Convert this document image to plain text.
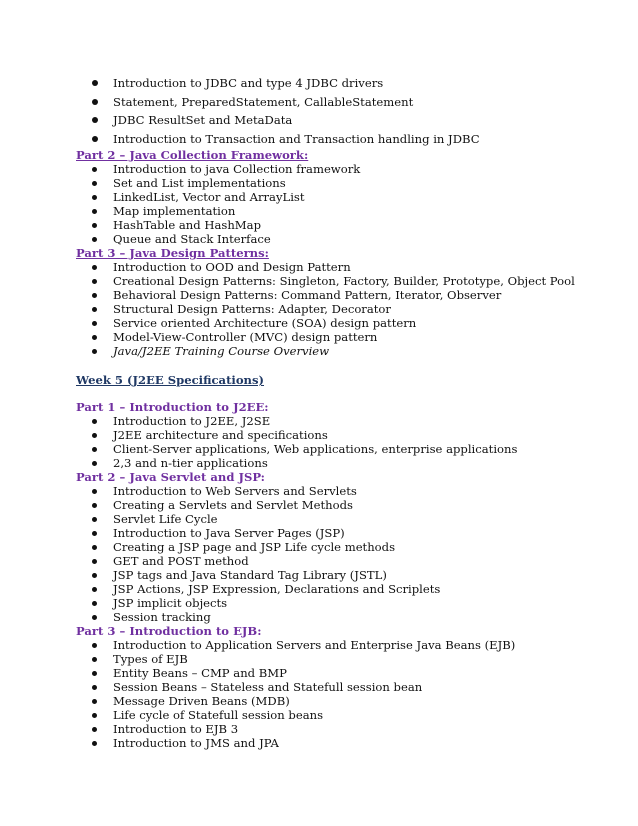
Introduction to JDBC and type 4 JDBC drivers
Statement, PreparedStatement, CallableStatement
JDBC ResultSet and MetaData
Introduction to Transaction and Transaction handling in JDBC
Part 2 – Java Collection Framework:
Introduction to java Collection framework
Set and List implementations
LinkedList, Vector and ArrayList
Map implementation
HashTable and HashMap
Queue and Stack Interface
Part 3 – Java Design Patterns:
Introduction to OOD and Design Pattern
Creational Design Patterns: Singleton, Factory, Builder, Prototype, Object Pool
Behavioral Design Patterns: Command Pattern, Iterator, Observer
Structural Design Patterns: Adapter, Decorator
Service oriented Architecture (SOA) design pattern
Model-View-Controller (MVC) design pattern
Java/J2EE Training Course Overview
Week 5 (J2EE Specifications)
Part 1 – Introduction to J2EE:
Introduction to J2EE, J2SE
J2EE architecture and specifications
Client-Server applications, Web applications, enterprise applications
2,3 and n-tier applications
Part 2 – Java Servlet and JSP:
Introduction to Web Servers and Servlets
Creating a Servlets and Servlet Methods
Servlet Life Cycle
Introduction to Java Server Pages (JSP)
Creating a JSP page and JSP Life cycle methods
GET and POST method
JSP tags and Java Standard Tag Library (JSTL)
JSP Actions, JSP Expression, Declarations and Scriplets
JSP implicit objects
Session tracking
Part 3 – Introduction to EJB:
Introduction to Application Servers and Enterprise Java Beans (EJB)
Types of EJB
Entity Beans – CMP and BMP
Session Beans – Stateless and Statefull session bean
Message Driven Beans (MDB)
Life cycle of Statefull session beans
Introduction to EJB 3
Introduction to JMS and JPA
